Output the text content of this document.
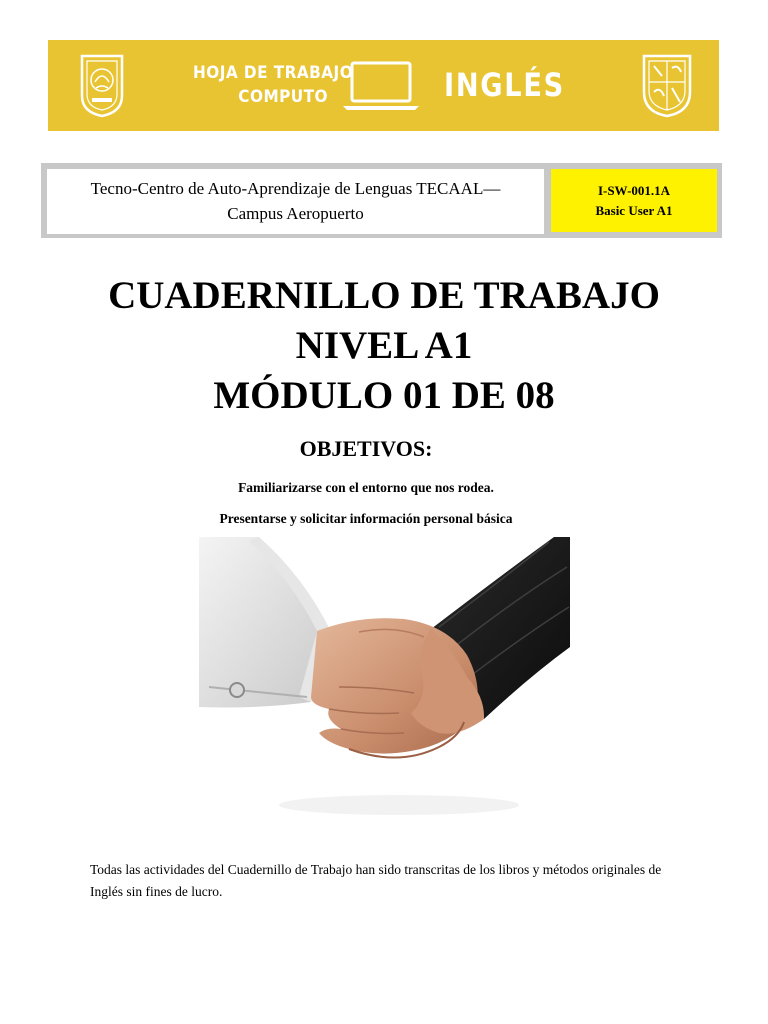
HOJA DE TRABAJO
COMPUTO	INGLÉS
Tecno-Centro de Auto-Aprendizaje de Lenguas TECAAL—
Campus Aeropuerto
I-SW-001.1A
Basic User A1
CUADERNILLO DE TRABAJO
NIVEL A1
MÓDULO 01 DE 08
OBJETIVOS:
Familiarizarse con el entorno que nos rodea.
Presentarse y solicitar información personal básica
Todas las actividades del Cuadernillo de Trabajo han sido transcritas de los libros y métodos originales de Inglés sin fines de lucro.
